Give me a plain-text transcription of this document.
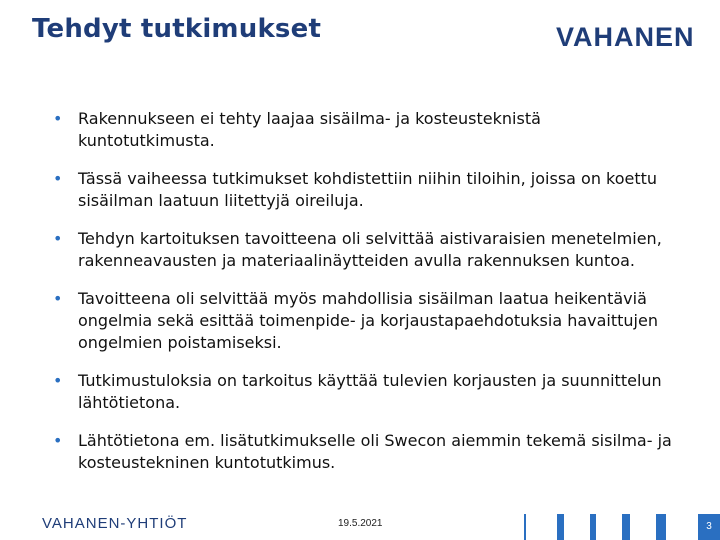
Tehdyt tutkimukset	VAHANEN
• Rakennukseen ei tehty laajaa sisäilma- ja kosteusteknistä kuntotutkimusta.
• Tässä vaiheessa tutkimukset kohdistettiin niihin tiloihin, joissa on koettu sisäilman laatuun liitettyjä oireiluja.
• Tehdyn kartoituksen tavoitteena oli selvittää aistivaraisien menetelmien, rakenneavausten ja materiaalinäytteiden avulla rakennuksen kuntoa.
• Tavoitteena oli selvittää myös mahdollisia sisäilman laatua heikentäviä ongelmia sekä esittää toimenpide- ja korjaustapaehdotuksia havaittujen ongelmien poistamiseksi.
• Tutkimustuloksia on tarkoitus käyttää tulevien korjausten ja suunnittelun lähtötietona.
• Lähtötietona em. lisätutkimukselle oli Swecon aiemmin tekemä sisilma- ja kosteustekninen kuntotutkimus.
VAHANEN-YHTIÖT	19.5.2021	3
